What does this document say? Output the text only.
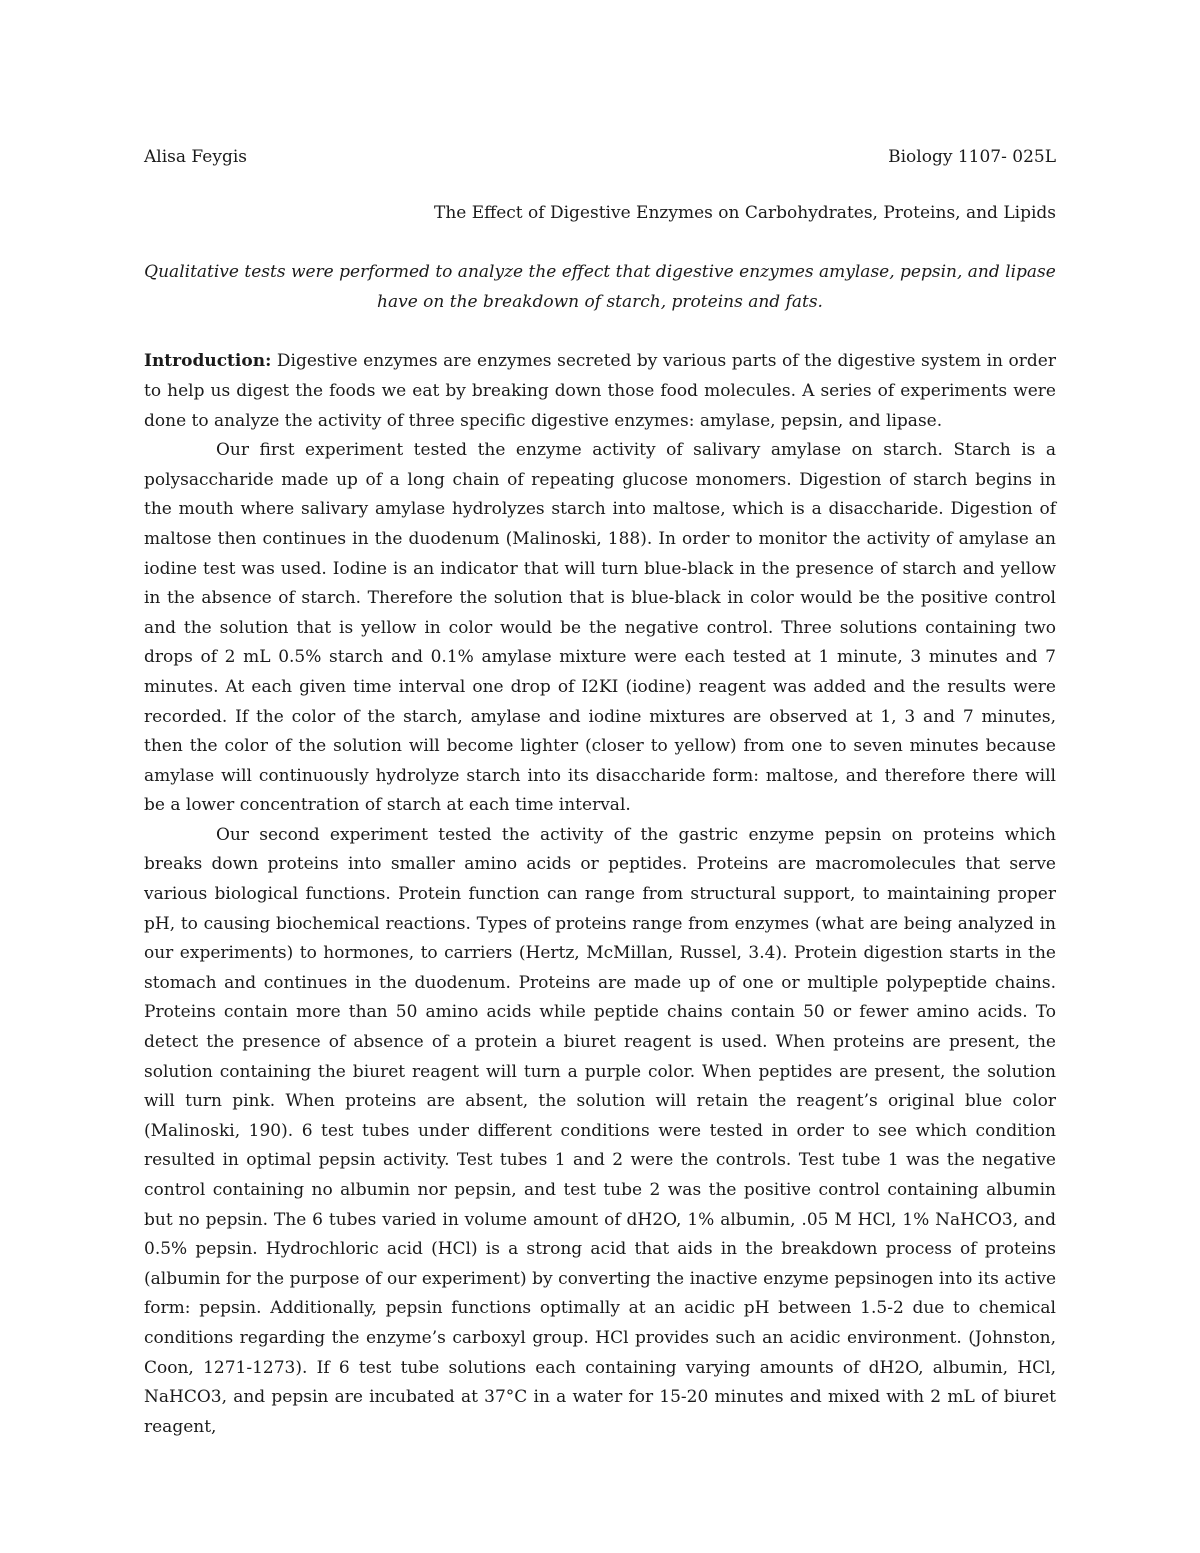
Alisa Feygis	Biology 1107- 025L
The Effect of Digestive Enzymes on Carbohydrates, Proteins, and Lipids
Qualitative tests were performed to analyze the effect that digestive enzymes amylase, pepsin, and lipase
have on the breakdown of starch, proteins and fats.

Introduction: Digestive enzymes are enzymes secreted by various parts of the digestive system in order to help us digest the foods we eat by breaking down those food molecules. A series of experiments were done to analyze the activity of three specific digestive enzymes: amylase, pepsin, and lipase.

Our first experiment tested the enzyme activity of salivary amylase on starch. Starch is a polysaccharide made up of a long chain of repeating glucose monomers. Digestion of starch begins in the mouth where salivary amylase hydrolyzes starch into maltose, which is a disaccharide. Digestion of maltose then continues in the duodenum (Malinoski, 188). In order to monitor the activity of amylase an iodine test was used. Iodine is an indicator that will turn blue-black in the presence of starch and yellow in the absence of starch. Therefore the solution that is blue-black in color would be the positive control and the solution that is yellow in color would be the negative control. Three solutions containing two drops of 2 mL 0.5% starch and 0.1% amylase mixture were each tested at 1 minute, 3 minutes and 7 minutes. At each given time interval one drop of I2KI (iodine) reagent was added and the results were recorded. If the color of the starch, amylase and iodine mixtures are observed at 1, 3 and 7 minutes, then the color of the solution will become lighter (closer to yellow) from one to seven minutes because amylase will continuously hydrolyze starch into its disaccharide form: maltose, and therefore there will be a lower concentration of starch at each time interval.

Our second experiment tested the activity of the gastric enzyme pepsin on proteins which breaks down proteins into smaller amino acids or peptides. Proteins are macromolecules that serve various biological functions. Protein function can range from structural support, to maintaining proper pH, to causing biochemical reactions. Types of proteins range from enzymes (what are being analyzed in our experiments) to hormones, to carriers (Hertz, McMillan, Russel, 3.4). Protein digestion starts in the stomach and continues in the duodenum. Proteins are made up of one or multiple polypeptide chains. Proteins contain more than 50 amino acids while peptide chains contain 50 or fewer amino acids. To detect the presence of absence of a protein a biuret reagent is used. When proteins are present, the solution containing the biuret reagent will turn a purple color. When peptides are present, the solution will turn pink. When proteins are absent, the solution will retain the reagent’s original blue color (Malinoski, 190). 6 test tubes under different conditions were tested in order to see which condition resulted in optimal pepsin activity. Test tubes 1 and 2 were the controls. Test tube 1 was the negative control containing no albumin nor pepsin, and test tube 2 was the positive control containing albumin but no pepsin. The 6 tubes varied in volume amount of dH2O, 1% albumin, .05 M HCl, 1% NaHCO3, and 0.5% pepsin. Hydrochloric acid (HCl) is a strong acid that aids in the breakdown process of proteins (albumin for the purpose of our experiment) by converting the inactive enzyme pepsinogen into its active form: pepsin. Additionally, pepsin functions optimally at an acidic pH between 1.5-2 due to chemical conditions regarding the enzyme’s carboxyl group. HCl provides such an acidic environment. (Johnston, Coon, 1271-1273). If 6 test tube solutions each containing varying amounts of dH2O, albumin, HCl, NaHCO3, and pepsin are incubated at 37°C in a water for 15-20 minutes and mixed with 2 mL of biuret reagent,
